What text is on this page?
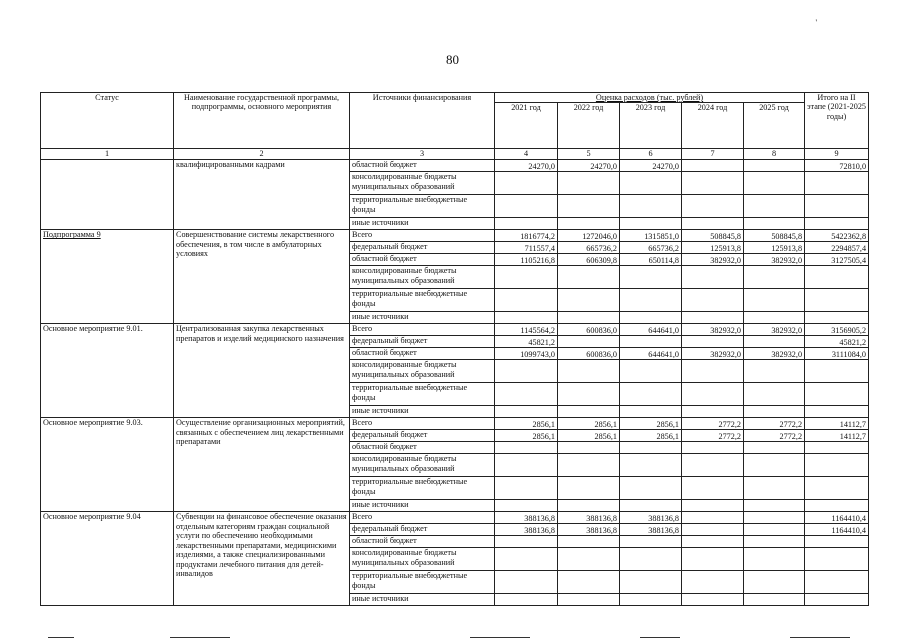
'
80
Статус	Наименование государственной программы, подпрограммы, основного мероприятия	Источники финансирования	Оценка расходов (тыс. рублей)					Итого на II этапе (2021-2025 годы)
			2021 год	2022 год	2023 год	2024 год	2025 год	
1	2	3	4	5	6	7	8	9
	квалифицированными кадрами	областной бюджет	24270,0	24270,0	24270,0			72810,0
		консолидированные бюджеты муниципальных образований						
		территориальные внебюджетные фонды						
		иные источники						
Подпрограмма 9	Совершенствование системы лекарственного обеспечения, в том числе в амбулаторных условиях	Всего	1816774,2	1272046,0	1315851,0	508845,8	508845,8	5422362,8
		федеральный бюджет	711557,4	665736,2	665736,2	125913,8	125913,8	2294857,4
		областной бюджет	1105216,8	606309,8	650114,8	382932,0	382932,0	3127505,4
		консолидированные бюджеты муниципальных образований						
		территориальные внебюджетные фонды						
		иные источники						
Основное мероприятие 9.01.	Централизованная закупка лекарственных препаратов и изделий медицинского назначения	Всего	1145564,2	600836,0	644641,0	382932,0	382932,0	3156905,2
		федеральный бюджет	45821,2					45821,2
		областной бюджет	1099743,0	600836,0	644641,0	382932,0	382932,0	3111084,0
		консолидированные бюджеты муниципальных образований						
		территориальные внебюджетные фонды						
		иные источники						
Основное мероприятие 9.03.	Осуществление организационных мероприятий, связанных с обеспечением лиц лекарственными препаратами	Всего	2856,1	2856,1	2856,1	2772,2	2772,2	14112,7
		федеральный бюджет	2856,1	2856,1	2856,1	2772,2	2772,2	14112,7
		областной бюджет						
		консолидированные бюджеты муниципальных образований						
		территориальные внебюджетные фонды						
		иные источники						
Основное мероприятие 9.04	Субвенции на финансовое обеспечение оказания отдельным категориям граждан социальной услуги по обеспечению необходимыми лекарственными препаратами, медицинскими изделиями, а также специализированными продуктами лечебного питания для детей-инвалидов	Всего	388136,8	388136,8	388136,8			1164410,4
		федеральный бюджет	388136,8	388136,8	388136,8			1164410,4
		областной бюджет						
		консолидированные бюджеты муниципальных образований						
		территориальные внебюджетные фонды						
		иные источники						
